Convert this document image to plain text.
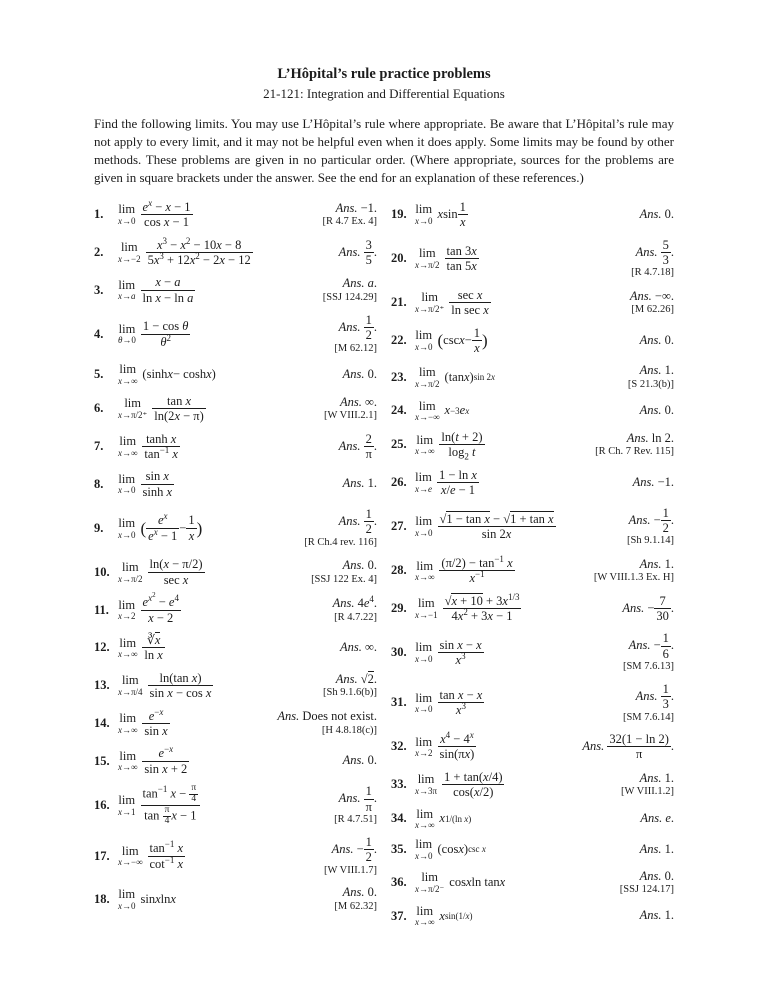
L’Hôpital’s rule practice problems
21-121: Integration and Differential Equations

Find the following limits. You may use L’Hôpital’s rule where appropriate. Be aware that L’Hôpital’s rule may not apply to every limit, and it may not be helpful even when it does apply. Some limits may be found by other methods. These problems are given in no particular order. (Where appropriate, sources for the problems are given in square brackets under the answer. See the end for an explanation of these references.)

1.	lim
x→0
$e^x - x - 1$
cos x − 1
Ans. −1.
[R 4.7 Ex. 4]
2.	lim
x→−2
$x^3 - x^2 - 10x - 8$
$5x^3 + 12x^2 - 2x - 12$
Ans. $\frac{3}{5}$ .
3.	lim
x→a
x − a
ln x − ln a
Ans. a.
[SSJ 124.29]
4.	lim
θ→0
1 − cos θ
$\theta^2$
Ans. $\frac{1}{2}$ .
[M 62.12]
5.	lim
x→∞ (sinh x − cosh x )	Ans. 0.
6.	lim
x→π/2⁺
tan x
ln(2x − π)
Ans. ∞.
[W VIII.2.1]
7.	lim
x→∞
tanh x
$\tan^{-1} x$
Ans. $\frac{2}{\pi}$ .
8.	lim
x→0
sin x
sinh x
Ans. 1.
9.	lim
x→0 ( $e^x$
$e^x - 1$
−
1
x )	Ans. $\frac{1}{2}$ .
[R Ch.4 rev. 116]
10. lim
x→π/2
ln(x − π/2)
sec x
Ans. 0.
[SSJ 122 Ex. 4]
11. lim
x→2
$e^{x^2} - e^4$
x − 2
Ans. $4e^4$.
[R 4.7.22]
12. lim
x→∞
∛x
ln x
Ans. ∞.
13. lim
x→π/4
ln(tan x)
sin x − cos x
Ans. √2.
[Sh 9.1.6(b)]
14. lim
x→∞
$e^{-x}$
sin x
Ans. Does not exist.
[H 4.8.18(c)]
15. lim
x→∞
$e^{-x}$
sin x + 2
Ans. 0.
16. lim
x→1
$\tan^{-1} x - \frac{\pi}{4}$
$\tan \frac{\pi}{4}$ x − 1
Ans. $\frac{1}{\pi}$ .
[R 4.7.51]
17. lim
x→−∞
$\tan^{-1} x$
$\cot^{-1} x$
Ans. − $\frac{1}{2}$ .
[W VIII.1.7]
18. lim
x→0 sin x ln x	Ans. 0.
[M 62.32]
19. lim
x→0 x sin
1
x
Ans. 0.
20. lim
x→π/2
tan 3x
tan 5x
Ans. $\frac{5}{3}$ .
[R 4.7.18]
21.	lim
x→π/2⁺
sec x
ln sec x
Ans. −∞.
[M 62.26]
22. lim
x→0 ( csc x −
1
x )	Ans. 0.
23. lim
x→π/2 (tan x ) sin 2x
Ans. 1.
[S 21.3(b)]
24. lim
x→−∞ x −3 e x	Ans. 0.
25. lim
x→∞
ln(t + 2)
$\log_2 t$
Ans. ln 2.
[R Ch. 7 Rev. 115]
26. lim
x→e
1 − ln x
x/e − 1
Ans. −1.
27. lim
x→0
√1 − tan x − √1 + tan x
sin 2x
Ans. − $\frac{1}{2}$ .
[Sh 9.1.14]
28. lim
x→∞
$(\pi/2) - \tan^{-1} x$
$x^{-1}$
Ans. 1.
[W VIII.1.3 Ex. H]
29. lim
x→−1
$√x + 10 + 3x^{1/3}$
$4x^2 + 3x - 1$
Ans. − $\frac{7}{30}$ .
30. lim
x→0
sin x − x
$x^3$
Ans. − $\frac{1}{6}$ .
[SM 7.6.13]
31. lim
x→0
tan x − x
$x^3$
Ans. $\frac{1}{3}$ .
[SM 7.6.14]
32. lim
x→2
$x^4 - 4^x$
sin(πx)
Ans. $\frac{32(1 - \ln 2)}{\pi}$ .
33. lim
x→3π
1 + tan(x/4)
cos(x/2)
Ans. 1.
[W VIII.1.2]
34. lim
x→∞ x 1/(ln x)	Ans. e.
35. lim
x→0 (cos x ) csc x	Ans. 1.
36.	lim
x→π/2⁻ cos x ln tan x	Ans. 0.
[SSJ 124.17]
37. lim
x→∞ x sin(1/x)	Ans. 1.
